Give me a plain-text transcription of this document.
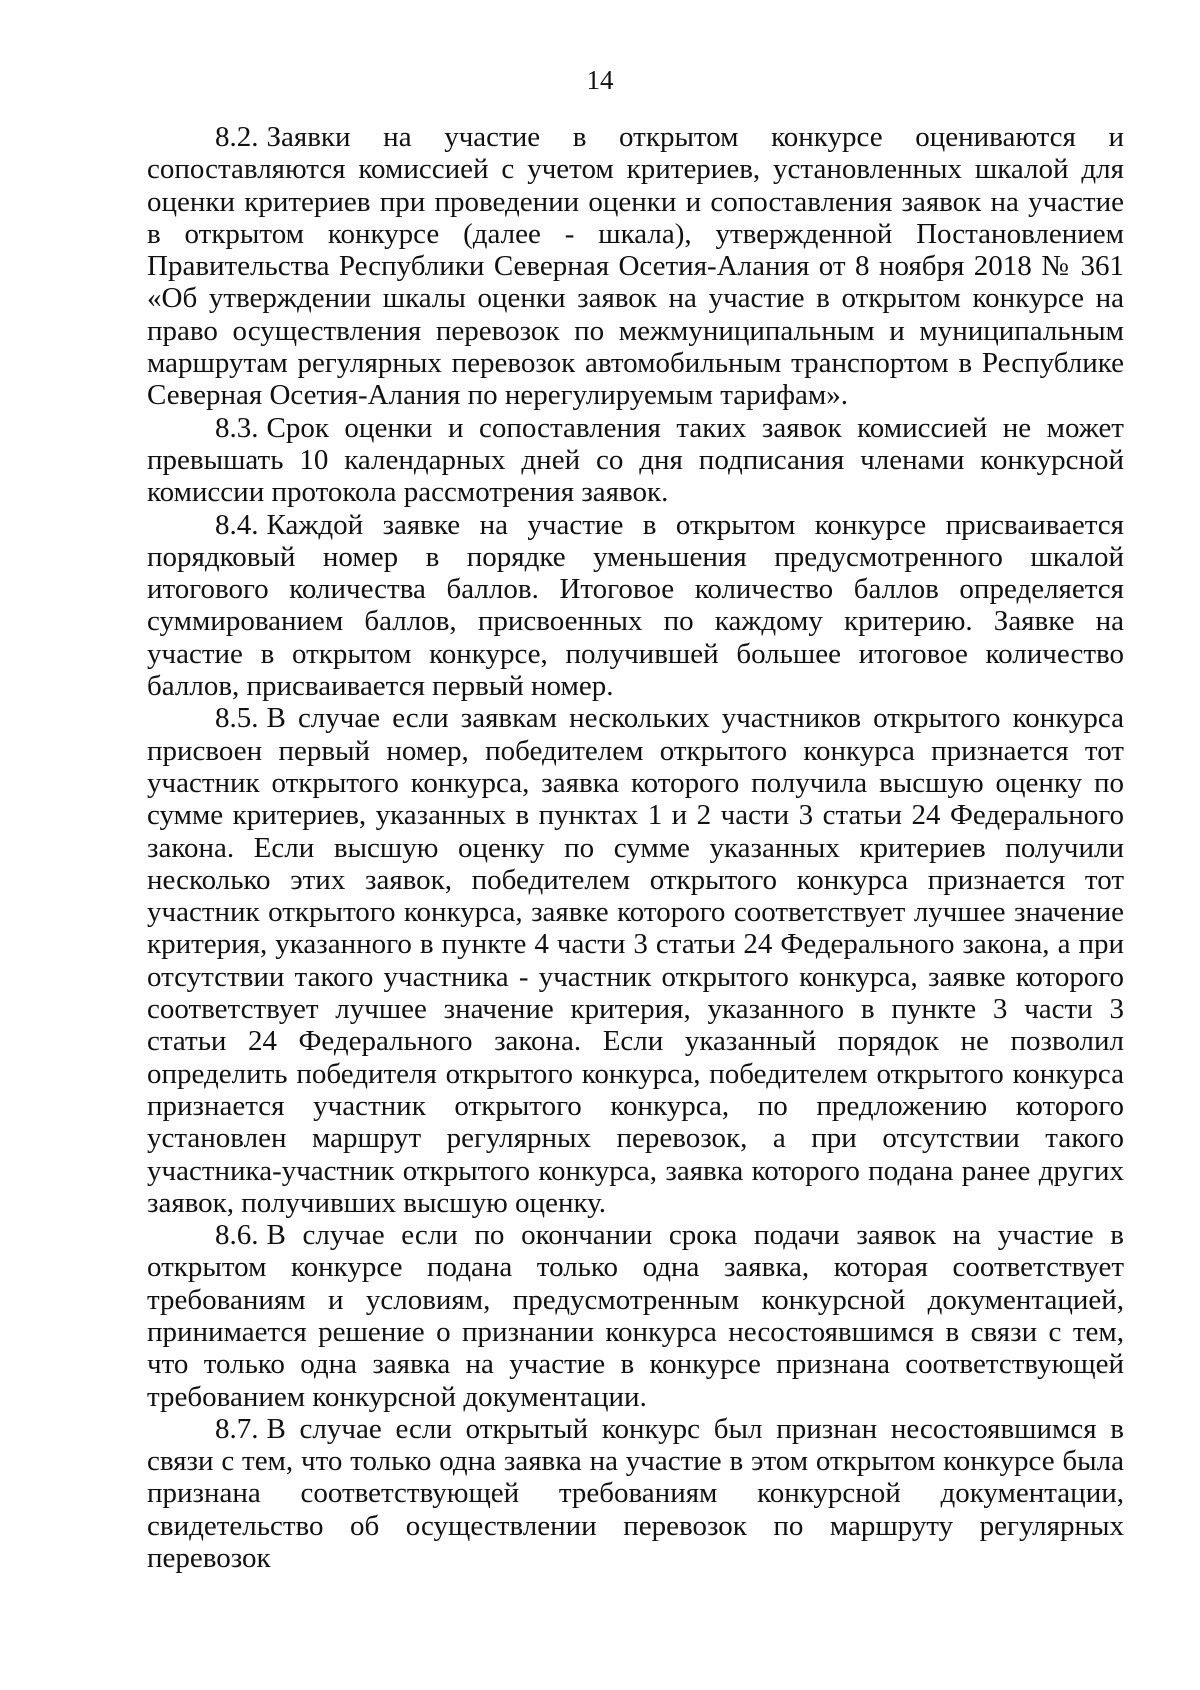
14

8.2. Заявки на участие в открытом конкурсе оцениваются и сопоставляются комиссией с учетом критериев, установленных шкалой для оценки критериев при проведении оценки и сопоставления заявок на участие в открытом конкурсе (далее - шкала), утвержденной Постановлением Правительства Республики Северная Осетия-Алания от 8 ноября 2018 № 361 «Об утверждении шкалы оценки заявок на участие в открытом конкурсе на право осуществления перевозок по межмуниципальным и муниципальным маршрутам регулярных перевозок автомобильным транспортом в Республике Северная Осетия-Алания по нерегулируемым тарифам».

8.3. Срок оценки и сопоставления таких заявок комиссией не может превышать 10 календарных дней со дня подписания членами конкурсной комиссии протокола рассмотрения заявок.

8.4. Каждой заявке на участие в открытом конкурсе присваивается порядковый номер в порядке уменьшения предусмотренного шкалой итогового количества баллов. Итоговое количество баллов определяется суммированием баллов, присвоенных по каждому критерию. Заявке на участие в открытом конкурсе, получившей большее итоговое количество баллов, присваивается первый номер.

8.5. В случае если заявкам нескольких участников открытого конкурса присвоен первый номер, победителем открытого конкурса признается тот участник открытого конкурса, заявка которого получила высшую оценку по сумме критериев, указанных в пунктах 1 и 2 части 3 статьи 24 Федерального закона. Если высшую оценку по сумме указанных критериев получили несколько этих заявок, победителем открытого конкурса признается тот участник открытого конкурса, заявке которого соответствует лучшее значение критерия, указанного в пункте 4 части 3 статьи 24 Федерального закона, а при отсутствии такого участника - участник открытого конкурса, заявке которого соответствует лучшее значение критерия, указанного в пункте 3 части 3 статьи 24 Федерального закона. Если указанный порядок не позволил определить победителя открытого конкурса, победителем открытого конкурса признается участник открытого конкурса, по предложению которого установлен маршрут регулярных перевозок, а при отсутствии такого участника-участник открытого конкурса, заявка которого подана ранее других заявок, получивших высшую оценку.

8.6. В случае если по окончании срока подачи заявок на участие в открытом конкурсе подана только одна заявка, которая соответствует требованиям и условиям, предусмотренным конкурсной документацией, принимается решение о признании конкурса несостоявшимся в связи с тем, что только одна заявка на участие в конкурсе признана соответствующей требованием конкурсной документации.

8.7. В случае если открытый конкурс был признан несостоявшимся в связи с тем, что только одна заявка на участие в этом открытом конкурсе была признана соответствующей требованиям конкурсной документации, свидетельство об осуществлении перевозок по маршруту регулярных перевозок
